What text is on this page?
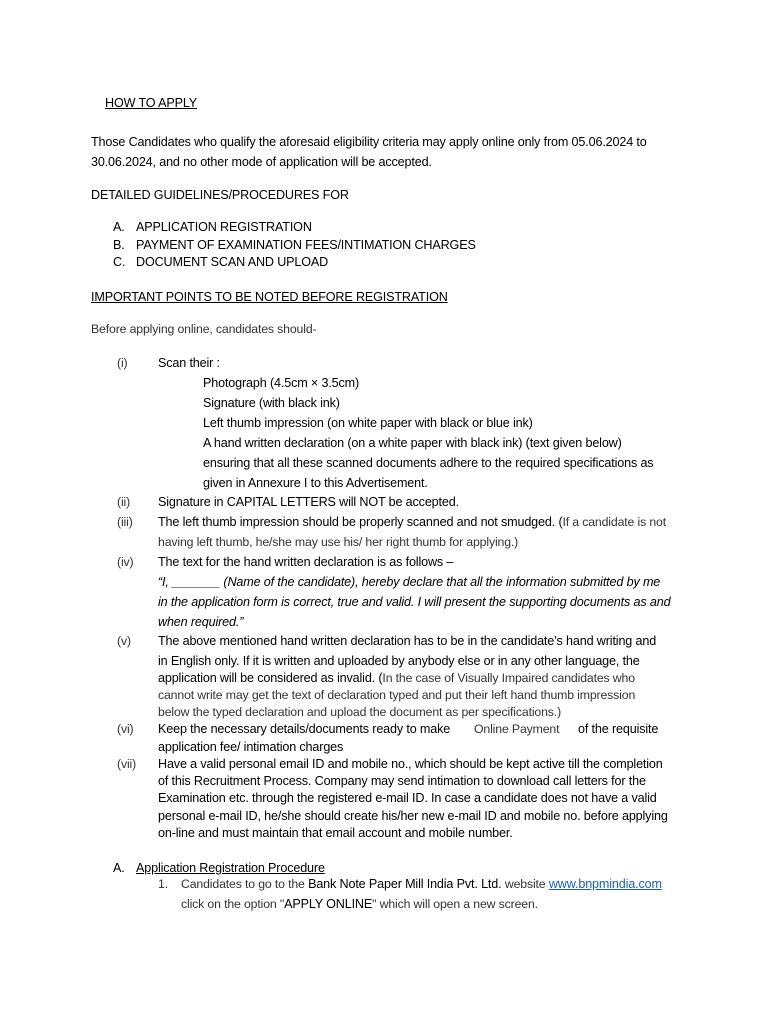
HOW TO APPLY
Those Candidates who qualify the aforesaid eligibility criteria may apply online only from 05.06.2024 to
30.06.2024, and no other mode of application will be accepted.
DETAILED GUIDELINES/PROCEDURES FOR
A. APPLICATION REGISTRATION
B. PAYMENT OF EXAMINATION FEES/INTIMATION CHARGES
C. DOCUMENT SCAN AND UPLOAD
IMPORTANT POINTS TO BE NOTED BEFORE REGISTRATION
Before applying online, candidates should-
(i) Scan their :
Photograph (4.5cm × 3.5cm)
Signature (with black ink)
Left thumb impression (on white paper with black or blue ink)
A hand written declaration (on a white paper with black ink) (text given below)
ensuring that all these scanned documents adhere to the required specifications as
given in Annexure I to this Advertisement.
(ii) Signature in CAPITAL LETTERS will NOT be accepted.
(iii) The left thumb impression should be properly scanned and not smudged. (If a candidate is not
having left thumb, he/she may use his/ her right thumb for applying.)
(iv) The text for the hand written declaration is as follows –
“I, _______ (Name of the candidate), hereby declare that all the information submitted by me
in the application form is correct, true and valid. I will present the supporting documents as and
when required.”
(v) The above mentioned hand written declaration has to be in the candidate’s hand writing and
in English only. If it is written and uploaded by anybody else or in any other language, the
application will be considered as invalid. (In the case of Visually Impaired candidates who
cannot write may get the text of declaration typed and put their left hand thumb impression
below the typed declaration and upload the document as per specifications.)
(vi) Keep the necessary details/documents ready to make Online Payment of the requisite
application fee/ intimation charges
(vii) Have a valid personal email ID and mobile no., which should be kept active till the completion
of this Recruitment Process. Company may send intimation to download call letters for the
Examination etc. through the registered e-mail ID. In case a candidate does not have a valid
personal e-mail ID, he/she should create his/her new e-mail ID and mobile no. before applying
on-line and must maintain that email account and mobile number.
A. Application Registration Procedure
1. Candidates to go to the Bank Note Paper Mill India Pvt. Ltd. website www.bnpmindia.com
click on the option "APPLY ONLINE" which will open a new screen.
